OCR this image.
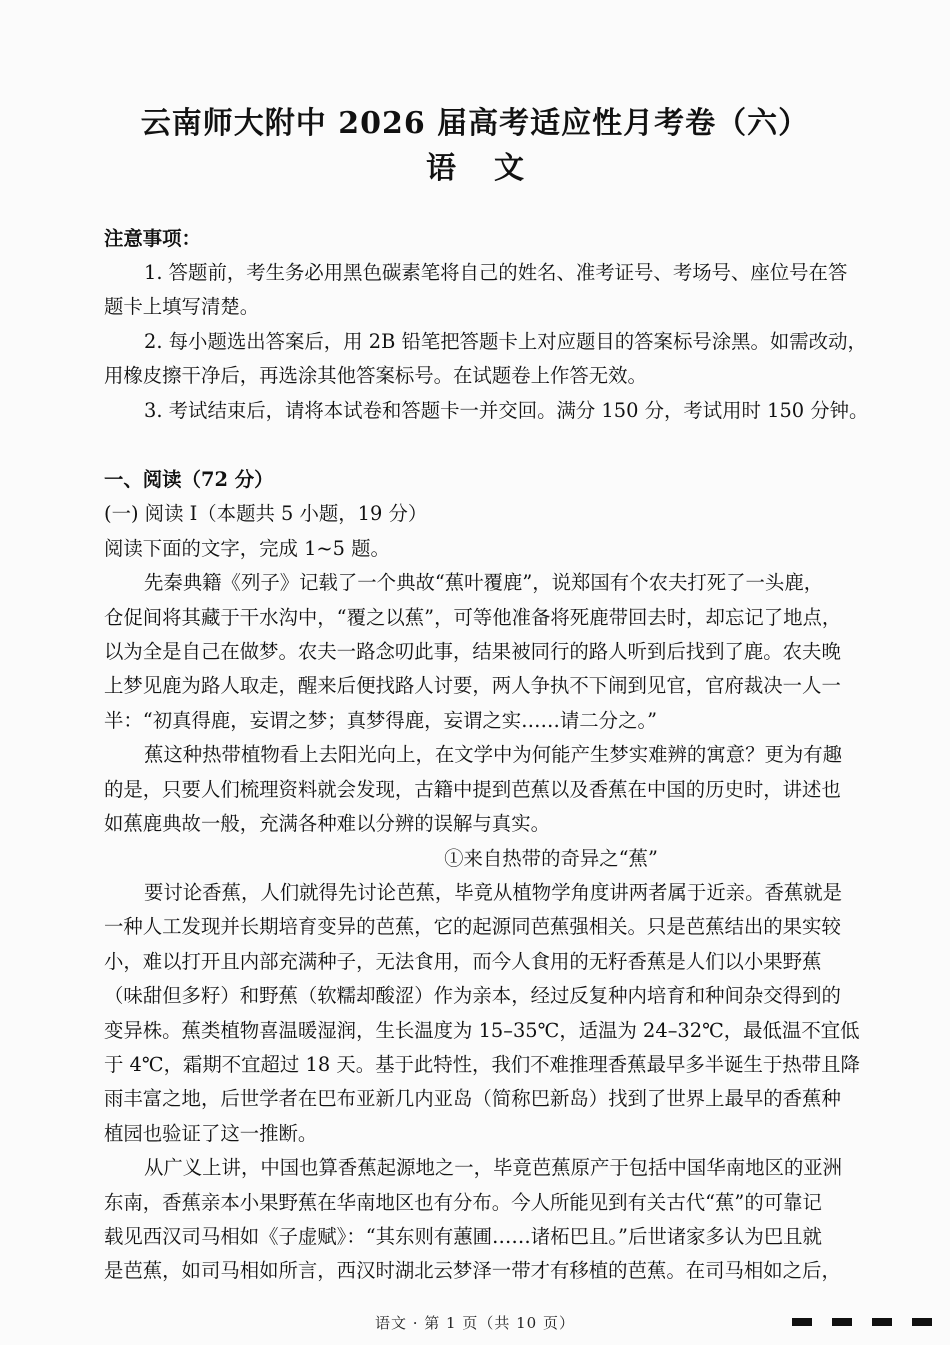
云南师大附中 2026 届高考适应性月考卷（六）
语文

注意事项：

1. 答题前，考生务必用黑色碳素笔将自己的姓名、准考证号、考场号、座位号在答

题卡上填写清楚。

2. 每小题选出答案后，用 2B 铅笔把答题卡上对应题目的答案标号涂黑。如需改动，

用橡皮擦干净后，再选涂其他答案标号。在试题卷上作答无效。

3. 考试结束后，请将本试卷和答题卡一并交回。满分 150 分，考试用时 150 分钟。

一、阅读（72 分）

(一) 阅读 I（本题共 5 小题，19 分）

阅读下面的文字，完成 1~5 题。

先秦典籍《列子》记载了一个典故“蕉叶覆鹿”，说郑国有个农夫打死了一头鹿，

仓促间将其藏于干水沟中，“覆之以蕉”，可等他准备将死鹿带回去时，却忘记了地点，

以为全是自己在做梦。农夫一路念叨此事，结果被同行的路人听到后找到了鹿。农夫晚

上梦见鹿为路人取走，醒来后便找路人讨要，两人争执不下闹到见官，官府裁决一人一

半：“初真得鹿，妄谓之梦；真梦得鹿，妄谓之实……请二分之。”

蕉这种热带植物看上去阳光向上，在文学中为何能产生梦实难辨的寓意？更为有趣

的是，只要人们梳理资料就会发现，古籍中提到芭蕉以及香蕉在中国的历史时，讲述也

如蕉鹿典故一般，充满各种难以分辨的误解与真实。

①来自热带的奇异之“蕉”

要讨论香蕉，人们就得先讨论芭蕉，毕竟从植物学角度讲两者属于近亲。香蕉就是

一种人工发现并长期培育变异的芭蕉，它的起源同芭蕉强相关。只是芭蕉结出的果实较

小，难以打开且内部充满种子，无法食用，而今人食用的无籽香蕉是人们以小果野蕉

（味甜但多籽）和野蕉（软糯却酸涩）作为亲本，经过反复种内培育和种间杂交得到的

变异株。蕉类植物喜温暖湿润，生长温度为 15–35℃，适温为 24–32℃，最低温不宜低

于 4℃，霜期不宜超过 18 天。基于此特性，我们不难推理香蕉最早多半诞生于热带且降

雨丰富之地，后世学者在巴布亚新几内亚岛（简称巴新岛）找到了世界上最早的香蕉种

植园也验证了这一推断。

从广义上讲，中国也算香蕉起源地之一，毕竟芭蕉原产于包括中国华南地区的亚洲

东南，香蕉亲本小果野蕉在华南地区也有分布。今人所能见到有关古代“蕉”的可靠记

载见西汉司马相如《子虚赋》：“其东则有蕙圃……诸柘巴且。”后世诸家多认为巴且就

是芭蕉，如司马相如所言，西汉时湖北云梦泽一带才有移植的芭蕉。在司马相如之后，

语文 · 第 1 页（共 10 页）
